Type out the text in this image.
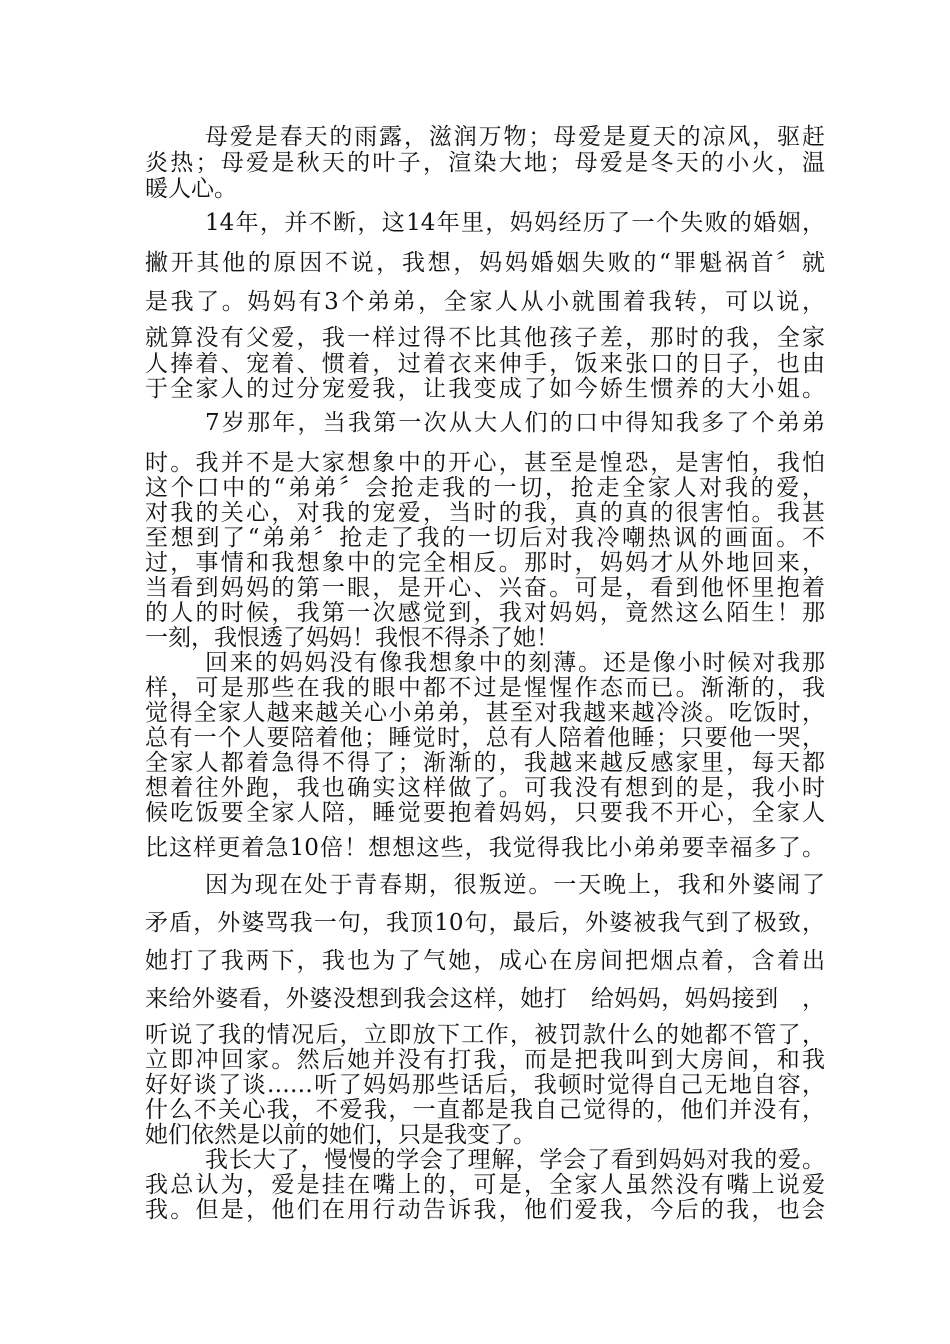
母爱是春天的雨露，滋润万物；母爱是夏天的凉风，驱赶
炎热；母爱是秋天的叶子，渲染大地；母爱是冬天的小火，温
暖人心。
14年，并不断，这14年里，妈妈经历了一个失败的婚姻，
撇开其他的原因不说，我想，妈妈婚姻失败的“罪魁祸首〞就
是我了。妈妈有3个弟弟，全家人从小就围着我转，可以说，
就算没有父爱，我一样过得不比其他孩子差，那时的我，全家
人捧着、宠着、惯着，过着衣来伸手，饭来张口的日子，也由
于全家人的过分宠爱我，让我变成了如今娇生惯养的大小姐。
7岁那年，当我第一次从大人们的口中得知我多了个弟弟
时。我并不是大家想象中的开心，甚至是惶恐，是害怕，我怕
这个口中的“弟弟〞会抢走我的一切，抢走全家人对我的爱，
对我的关心，对我的宠爱，当时的我，真的真的很害怕。我甚
至想到了“弟弟〞抢走了我的一切后对我冷嘲热讽的画面。不
过，事情和我想象中的完全相反。那时，妈妈才从外地回来，
当看到妈妈的第一眼，是开心、兴奋。可是，看到他怀里抱着
的人的时候，我第一次感觉到，我对妈妈，竟然这么陌生！那
一刻，我恨透了妈妈！我恨不得杀了她！
回来的妈妈没有像我想象中的刻薄。还是像小时候对我那
样，可是那些在我的眼中都不过是惺惺作态而已。渐渐的，我
觉得全家人越来越关心小弟弟，甚至对我越来越冷淡。吃饭时，
总有一个人要陪着他；睡觉时，总有人陪着他睡；只要他一哭，
全家人都着急得不得了；渐渐的，我越来越反感家里，每天都
想着往外跑，我也确实这样做了。可我没有想到的是，我小时
候吃饭要全家人陪，睡觉要抱着妈妈，只要我不开心，全家人
比这样更着急10倍！想想这些，我觉得我比小弟弟要幸福多了。
因为现在处于青春期，很叛逆。一天晚上，我和外婆闹了
矛盾，外婆骂我一句，我顶10句，最后，外婆被我气到了极致，
她打了我两下，我也为了气她，成心在房间把烟点着，含着出
来给外婆看，外婆没想到我会这样，她打　给妈妈，妈妈接到　，
听说了我的情况后，立即放下工作，被罚款什么的她都不管了，
立即冲回家。然后她并没有打我，而是把我叫到大房间，和我
好好谈了谈……听了妈妈那些话后，我顿时觉得自己无地自容，
什么不关心我，不爱我，一直都是我自己觉得的，他们并没有，
她们依然是以前的她们，只是我变了。
我长大了，慢慢的学会了理解，学会了看到妈妈对我的爱。
我总认为，爱是挂在嘴上的，可是，全家人虽然没有嘴上说爱
我。但是，他们在用行动告诉我，他们爱我，今后的我，也会
